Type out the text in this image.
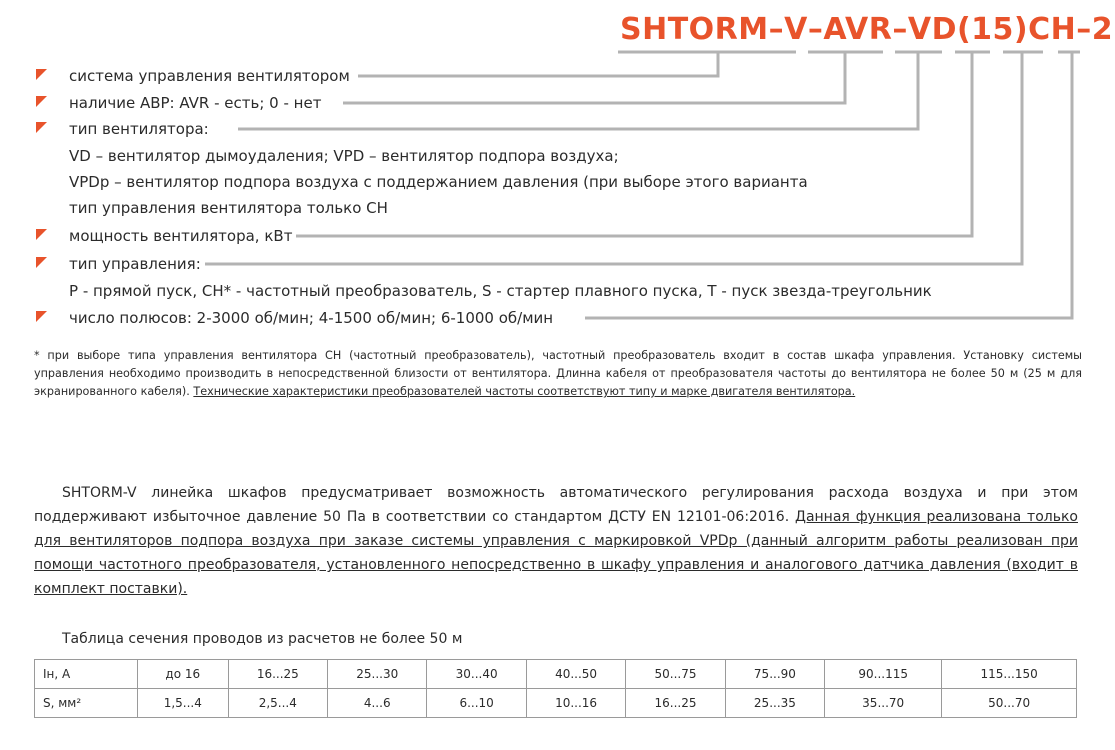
SHTORM–V–AVR–VD(15)CH–2
система управления вентилятором
наличие АВР: AVR - есть; 0 - нет
тип вентилятора:
VD – вентилятор дымоудаления; VPD – вентилятор подпора воздуха;
VPDp – вентилятор подпора воздуха с поддержанием давления (при выборе этого варианта
тип управления вентилятора только CH
мощность вентилятора, кВт
тип управления:
P - прямой пуск, CH* - частотный преобразователь, S - стартер плавного пуска, T - пуск звезда-треугольник
число полюсов: 2-3000 об/мин; 4-1500 об/мин; 6-1000 об/мин
* при выборе типа управления вентилятора CH (частотный преобразователь), частотный преобразователь входит в состав шкафа управления. Установку системы управления необходимо производить в непосредственной близости от вентилятора. Длинна кабеля от преобразователя частоты до вентилятора не более 50 м (25 м для экранированного кабеля). Технические характеристики преобразователей частоты соответствуют типу и марке двигателя вентилятора.
SHTORM-V линейка шкафов предусматривает возможность автоматического регулирования расхода воздуха и при этом поддерживают избыточное давление 50 Па в соответствии со стандартом ДСТУ EN 12101-06:2016. Данная функция реализована только для вентиляторов подпора воздуха при заказе системы управления с маркировкой VPDp (данный алгоритм работы реализован при помощи частотного преобразователя, установленного непосредственно в шкафу управления и аналогового датчика давления (входит в комплект поставки).
Таблица сечения проводов из расчетов не более 50 м
Iн, А	до 16	16...25	25...30	30...40	40...50	50...75	75...90	90...115	115...150
S, мм²	1,5...4	2,5...4	4...6	6...10	10...16	16...25	25...35	35...70	50...70
